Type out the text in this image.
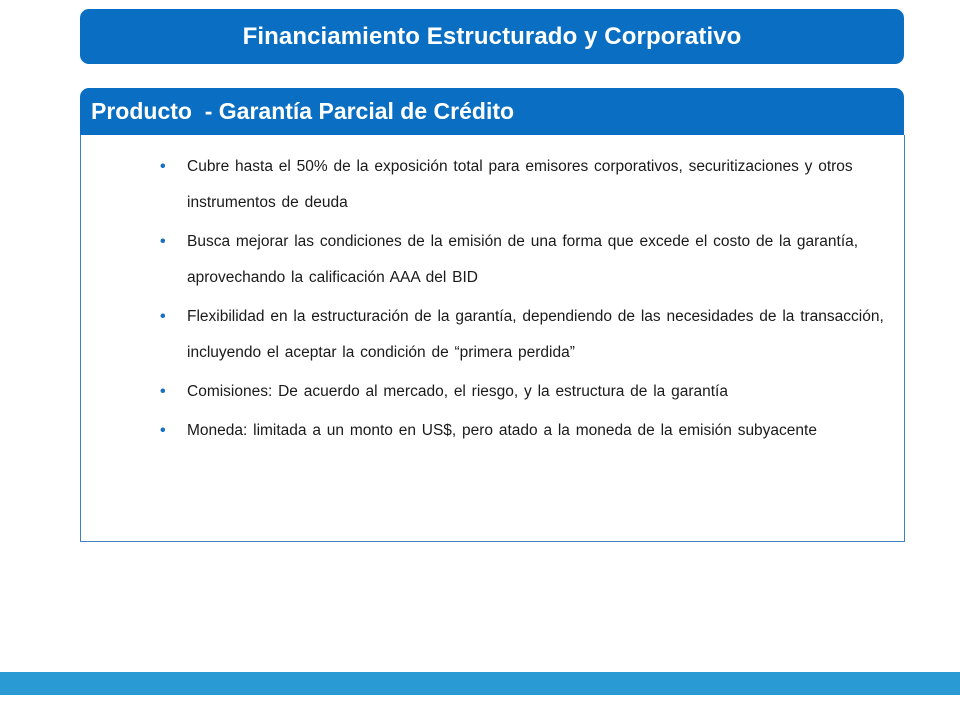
Financiamiento Estructurado y Corporativo
Producto  - Garantía Parcial de Crédito
• Cubre hasta el 50% de la exposición total para emisores corporativos, securitizaciones y otros instrumentos de deuda
• Busca mejorar las condiciones de la emisión de una forma que excede el costo de la garantía, aprovechando la calificación AAA del BID
• Flexibilidad en la estructuración de la garantía, dependiendo de las necesidades de la transacción, incluyendo el aceptar la condición de “primera perdida”
• Comisiones: De acuerdo al mercado, el riesgo, y la estructura de la garantía
• Moneda: limitada a un monto en US$, pero atado a la moneda de la emisión subyacente
